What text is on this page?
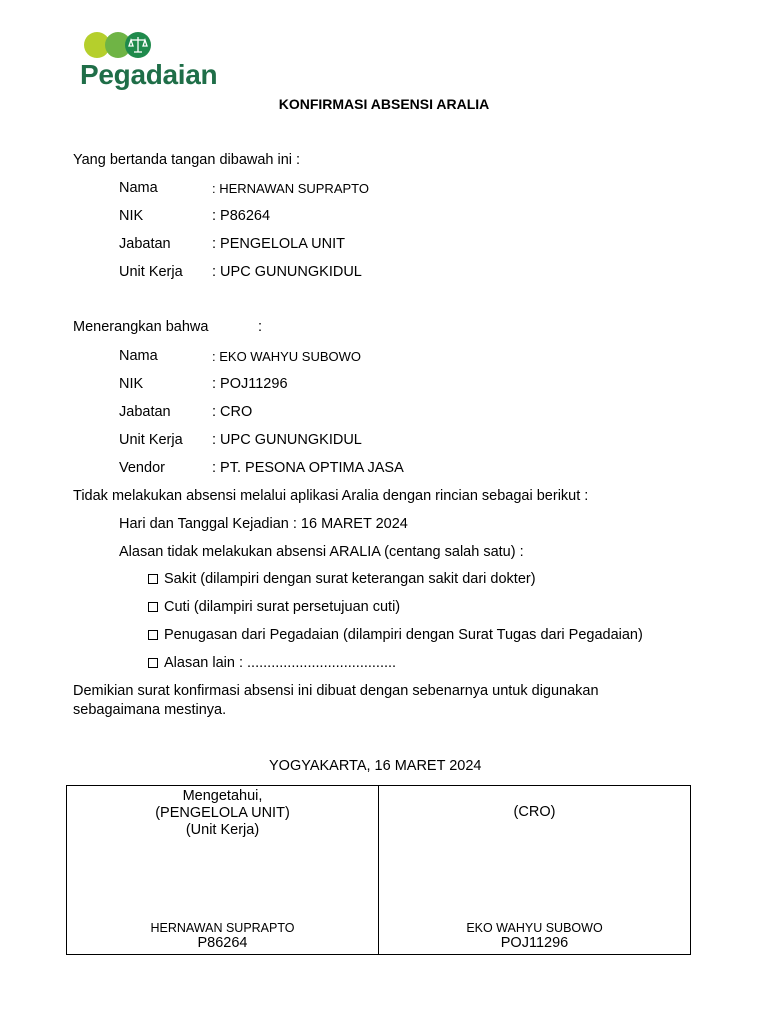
Pegadaian
KONFIRMASI ABSENSI ARALIA
Yang bertanda tangan dibawah ini :
Nama	: HERNAWAN SUPRAPTO
NIK	: P86264
Jabatan	: PENGELOLA UNIT
Unit Kerja : UPC GUNUNGKIDUL
Menerangkan bahwa	:
Nama	: EKO WAHYU SUBOWO
NIK	: POJ11296
Jabatan	: CRO
Unit Kerja : UPC GUNUNGKIDUL
Vendor	: PT. PESONA OPTIMA JASA
Tidak melakukan absensi melalui aplikasi Aralia dengan rincian sebagai berikut :
Hari dan Tanggal Kejadian : 16 MARET 2024
Alasan tidak melakukan absensi ARALIA (centang salah satu) :
Sakit (dilampiri dengan surat keterangan sakit dari dokter)
Cuti (dilampiri surat persetujuan cuti)
Penugasan dari Pegadaian (dilampiri dengan Surat Tugas dari Pegadaian)
Alasan lain : .....................................
Demikian surat konfirmasi absensi ini dibuat dengan sebenarnya untuk digunakan
sebagaimana mestinya.
YOGYAKARTA, 16 MARET 2024
Mengetahui,
(PENGELOLA UNIT)
(Unit Kerja)
HERNAWAN SUPRAPTO
P86264

(CRO)
EKO WAHYU SUBOWO
POJ11296
